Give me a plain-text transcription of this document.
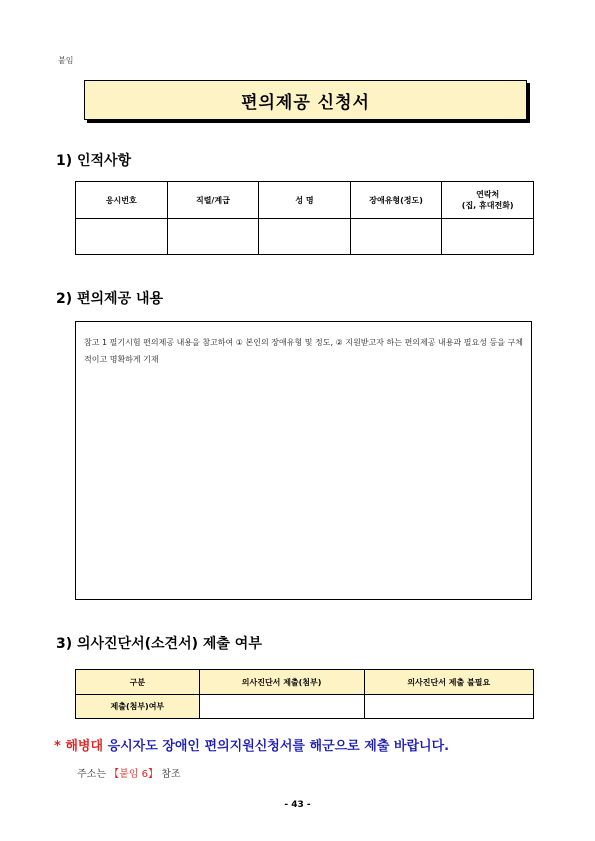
붙임
편의제공 신청서
1) 인적사항
응시번호	직렬/계급	성 명	장애유형(정도)	연락처
(집, 휴대전화)

2) 편의제공 내용
참고 1 필기시험 편의제공 내용을 참고하여 ① 본인의 장애유형 및 정도, ② 지원받고자 하는 편의제공 내용과 필요성 등을 구체적이고 명확하게 기재
3) 의사진단서(소견서) 제출 여부
구분	의사진단서 제출(첨부)	의사진단서 제출 불필요
제출(첨부)여부		
* 해병대 응시자도 장애인 편의지원신청서를 해군으로 제출 바랍니다.
주소는 【붙임 6】 참조
- 43 -
